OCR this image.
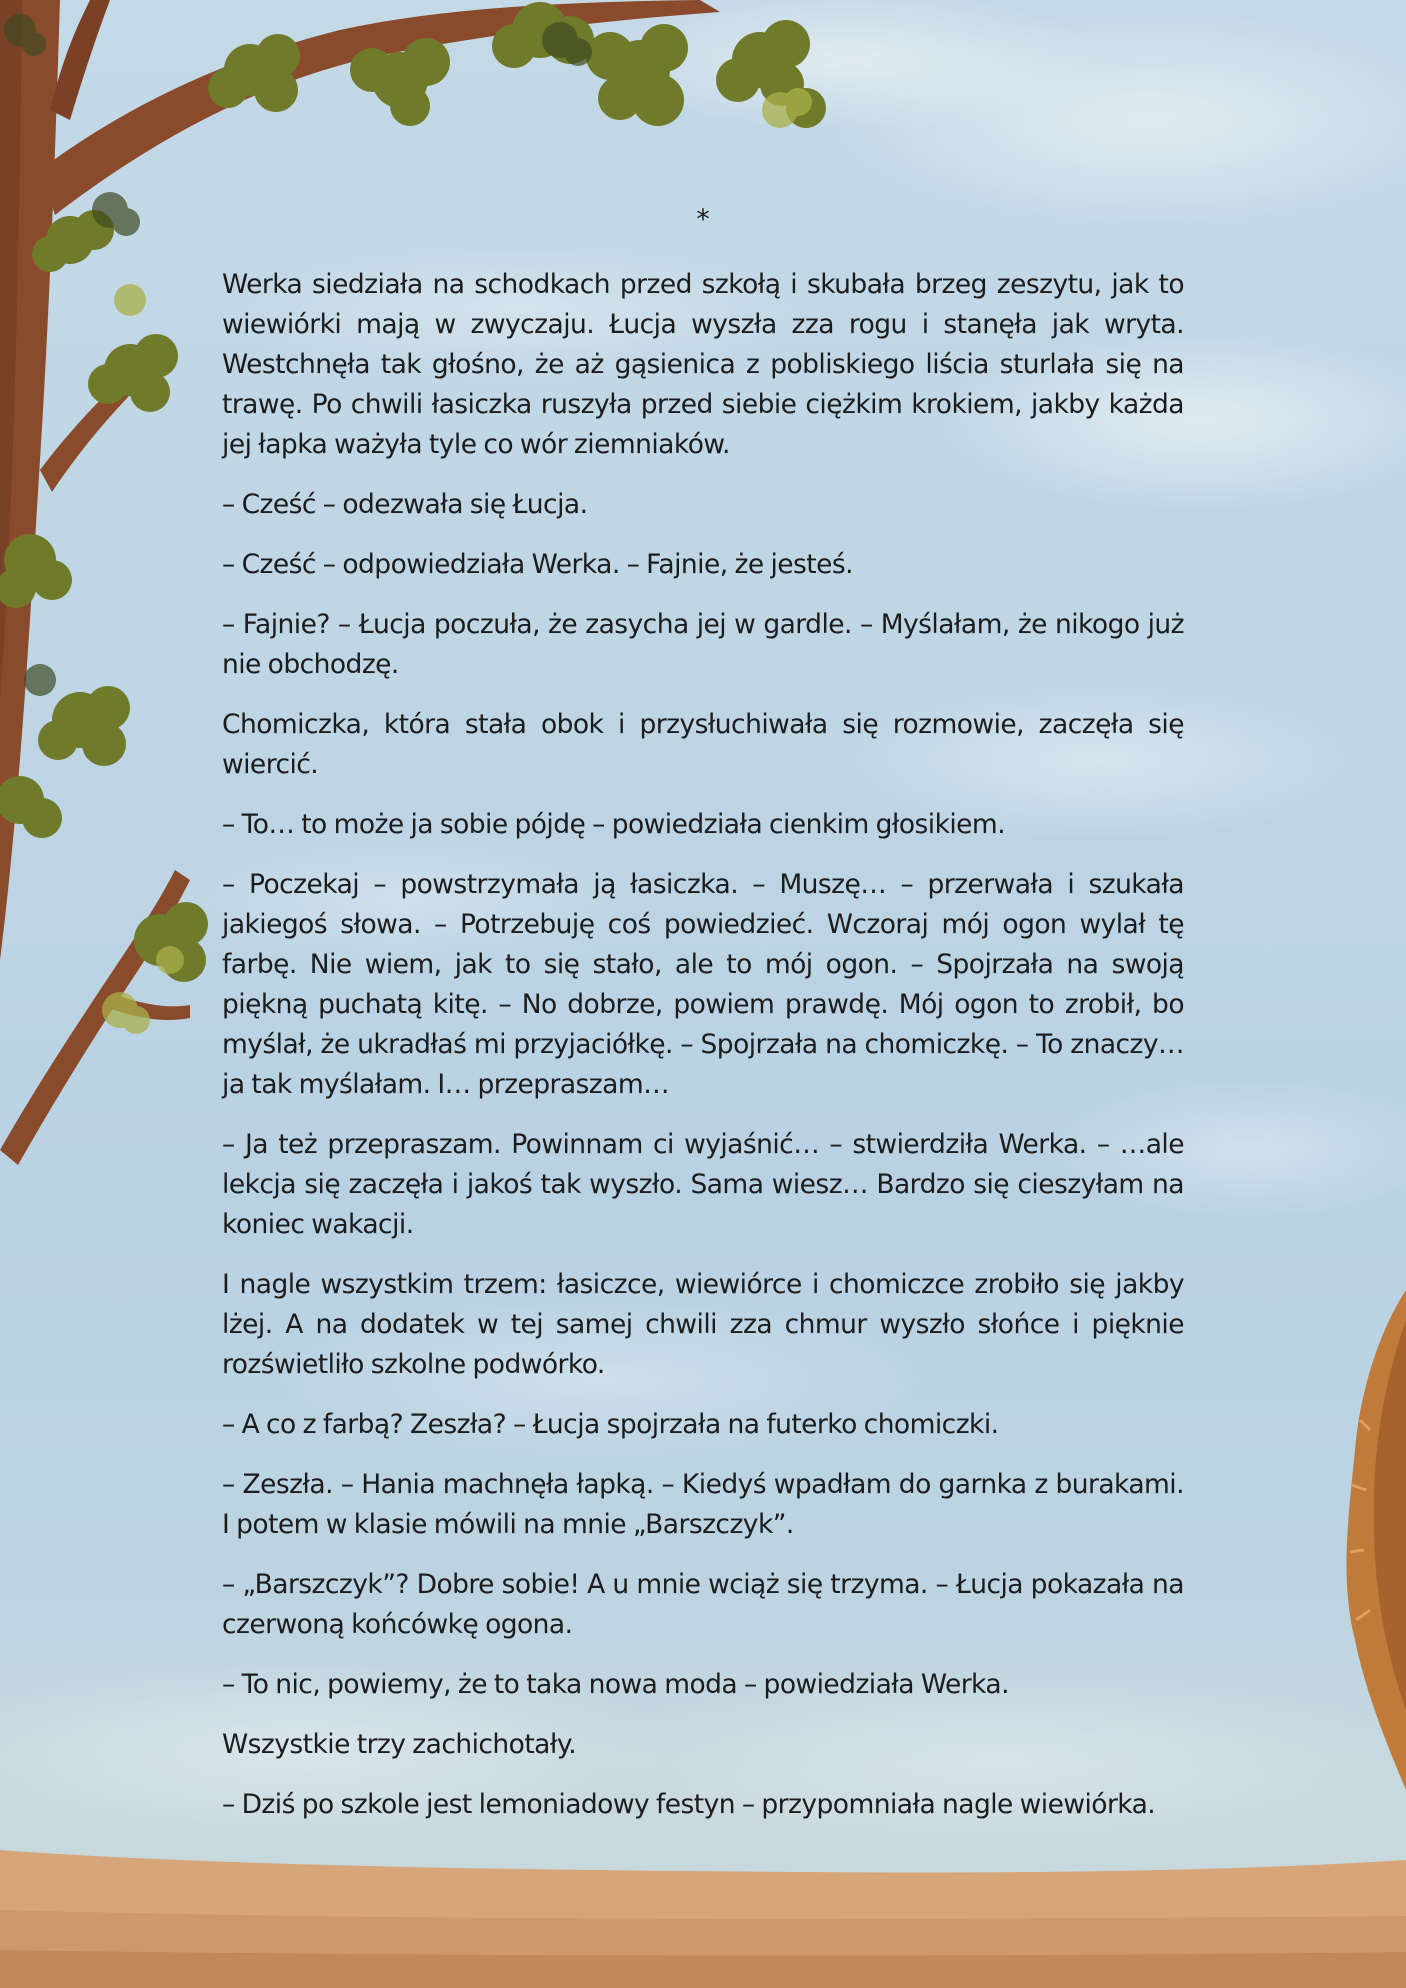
*

Werka siedziała na schodkach przed szkołą i skubała brzeg zeszytu, jak to wiewiórki mają w zwyczaju. Łucja wyszła zza rogu i stanęła jak wryta. Westchnęła tak głośno, że aż gąsienica z pobliskiego liścia sturlała się na trawę. Po chwili łasiczka ruszyła przed siebie ciężkim krokiem, jakby każda jej łapka ważyła tyle co wór ziemniaków.

– Cześć – odezwała się Łucja.

– Cześć – odpowiedziała Werka. – Fajnie, że jesteś.

– Fajnie? – Łucja poczuła, że zasycha jej w gardle. – Myślałam, że nikogo już nie obchodzę.

Chomiczka, która stała obok i przysłuchiwała się rozmowie, zaczęła się wiercić.

– To… to może ja sobie pójdę – powiedziała cienkim głosikiem.

– Poczekaj – powstrzymała ją łasiczka. – Muszę… – przerwała i szukała jakiegoś słowa. – Potrzebuję coś powiedzieć. Wczoraj mój ogon wylał tę farbę. Nie wiem, jak to się stało, ale to mój ogon. – Spojrzała na swoją piękną puchatą kitę. – No dobrze, powiem prawdę. Mój ogon to zrobił, bo myślał, że ukradłaś mi przyjaciółkę. – Spojrzała na chomiczkę. – To znaczy… ja tak myślałam. I… przepraszam…

– Ja też przepraszam. Powinnam ci wyjaśnić… – stwierdziła Werka. – …ale lekcja się zaczęła i jakoś tak wyszło. Sama wiesz… Bardzo się cieszyłam na koniec wakacji.

I nagle wszystkim trzem: łasiczce, wiewiórce i chomiczce zrobiło się jakby lżej. A na dodatek w tej samej chwili zza chmur wyszło słońce i pięknie rozświetliło szkolne podwórko.

– A co z farbą? Zeszła? – Łucja spojrzała na futerko chomiczki.

– Zeszła. – Hania machnęła łapką. – Kiedyś wpadłam do garnka z burakami. I potem w klasie mówili na mnie „Barszczyk”.

– „Barszczyk”? Dobre sobie! A u mnie wciąż się trzyma. – Łucja pokazała na czerwoną końcówkę ogona.

– To nic, powiemy, że to taka nowa moda – powiedziała Werka.

Wszystkie trzy zachichotały.

– Dziś po szkole jest lemoniadowy festyn – przypomniała nagle wiewiórka.
